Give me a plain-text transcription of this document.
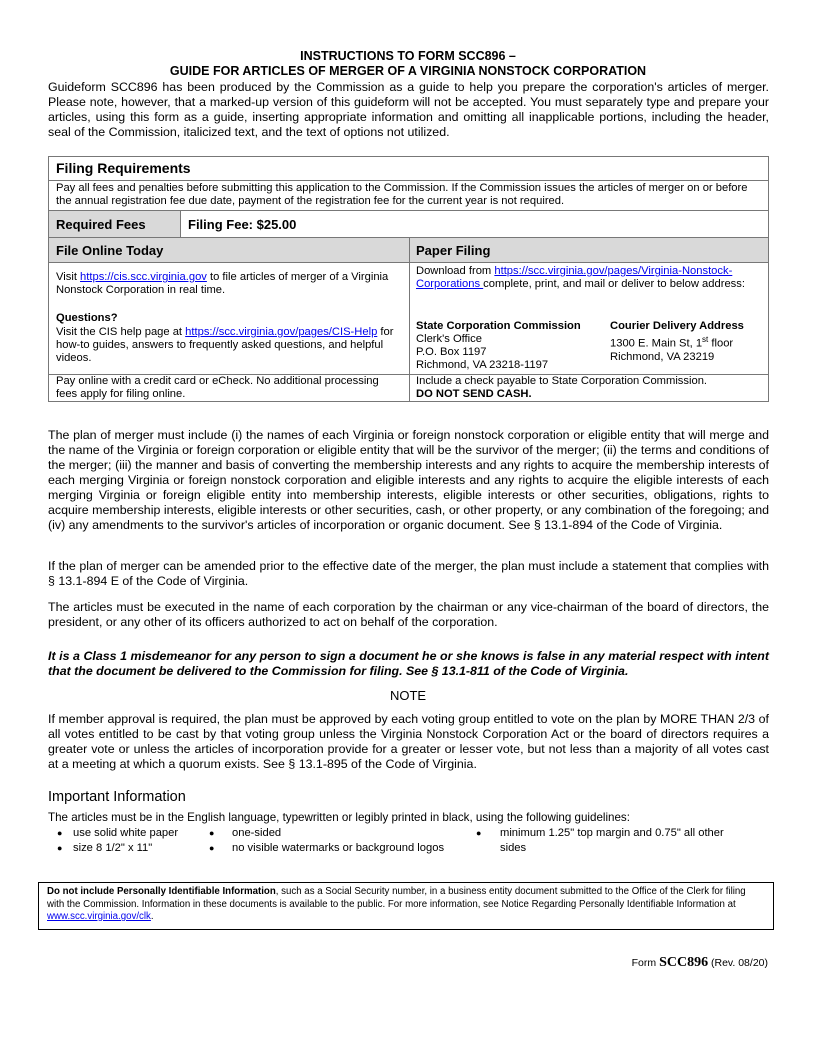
INSTRUCTIONS TO FORM SCC896 –
GUIDE FOR ARTICLES OF MERGER OF A VIRGINIA NONSTOCK CORPORATION
Guideform SCC896 has been produced by the Commission as a guide to help you prepare the corporation's articles of merger. Please note, however, that a marked-up version of this guideform will not be accepted. You must separately type and prepare your articles, using this form as a guide, inserting appropriate information and omitting all inapplicable portions, including the header, seal of the Commission, italicized text, and the text of options not utilized.
Filing Requirements
Pay all fees and penalties before submitting this application to the Commission. If the Commission issues the articles of merger on or before the annual registration fee due date, payment of the registration fee for the current year is not required.
Required Fees	Filing Fee: $25.00
File Online Today	Paper Filing
Visit https://cis.scc.virginia.gov to file articles of merger of a Virginia Nonstock Corporation in real time.
Questions?
Visit the CIS help page at https://scc.virginia.gov/pages/CIS-Help for how-to guides, answers to frequently asked questions, and helpful videos.
Download from https://scc.virginia.gov/pages/Virginia-Nonstock-Corporations complete, print, and mail or deliver to below address:
State Corporation Commission
Clerk's Office
P.O. Box 1197
Richmond, VA 23218-1197
Courier Delivery Address
1300 E. Main St, 1st floor
Richmond, VA 23219
Pay online with a credit card or eCheck. No additional processing fees apply for filing online.
Include a check payable to State Corporation Commission.
DO NOT SEND CASH.
The plan of merger must include (i) the names of each Virginia or foreign nonstock corporation or eligible entity that will merge and the name of the Virginia or foreign corporation or eligible entity that will be the survivor of the merger; (ii) the terms and conditions of the merger; (iii) the manner and basis of converting the membership interests and any rights to acquire the membership interests of each merging Virginia or foreign nonstock corporation and eligible interests and any rights to acquire the eligible interests of each merging Virginia or foreign eligible entity into membership interests, eligible interests or other securities, obligations, rights to acquire membership interests, eligible interests or other securities, cash, or other property, or any combination of the foregoing; and (iv) any amendments to the survivor's articles of incorporation or organic document. See § 13.1-894 of the Code of Virginia.
If the plan of merger can be amended prior to the effective date of the merger, the plan must include a statement that complies with § 13.1-894 E of the Code of Virginia.
The articles must be executed in the name of each corporation by the chairman or any vice-chairman of the board of directors, the president, or any other of its officers authorized to act on behalf of the corporation.
It is a Class 1 misdemeanor for any person to sign a document he or she knows is false in any material respect with intent that the document be delivered to the Commission for filing. See § 13.1-811 of the Code of Virginia.
NOTE
If member approval is required, the plan must be approved by each voting group entitled to vote on the plan by MORE THAN 2/3 of all votes entitled to be cast by that voting group unless the Virginia Nonstock Corporation Act or the board of directors requires a greater vote or unless the articles of incorporation provide for a greater or lesser vote, but not less than a majority of all votes cast at a meeting at which a quorum exists. See § 13.1-895 of the Code of Virginia.
Important Information
The articles must be in the English language, typewritten or legibly printed in black, using the following guidelines:
● use solid white paper
● size 8 1/2" x 11"
● one-sided
● no visible watermarks or background logos
● minimum 1.25" top margin and 0.75" all other
sides
Do not include Personally Identifiable Information, such as a Social Security number, in a business entity document submitted to the Office of the Clerk for filing with the Commission. Information in these documents is available to the public. For more information, see Notice Regarding Personally Identifiable Information at www.scc.virginia.gov/clk.
Form SCC896 (Rev. 08/20)
